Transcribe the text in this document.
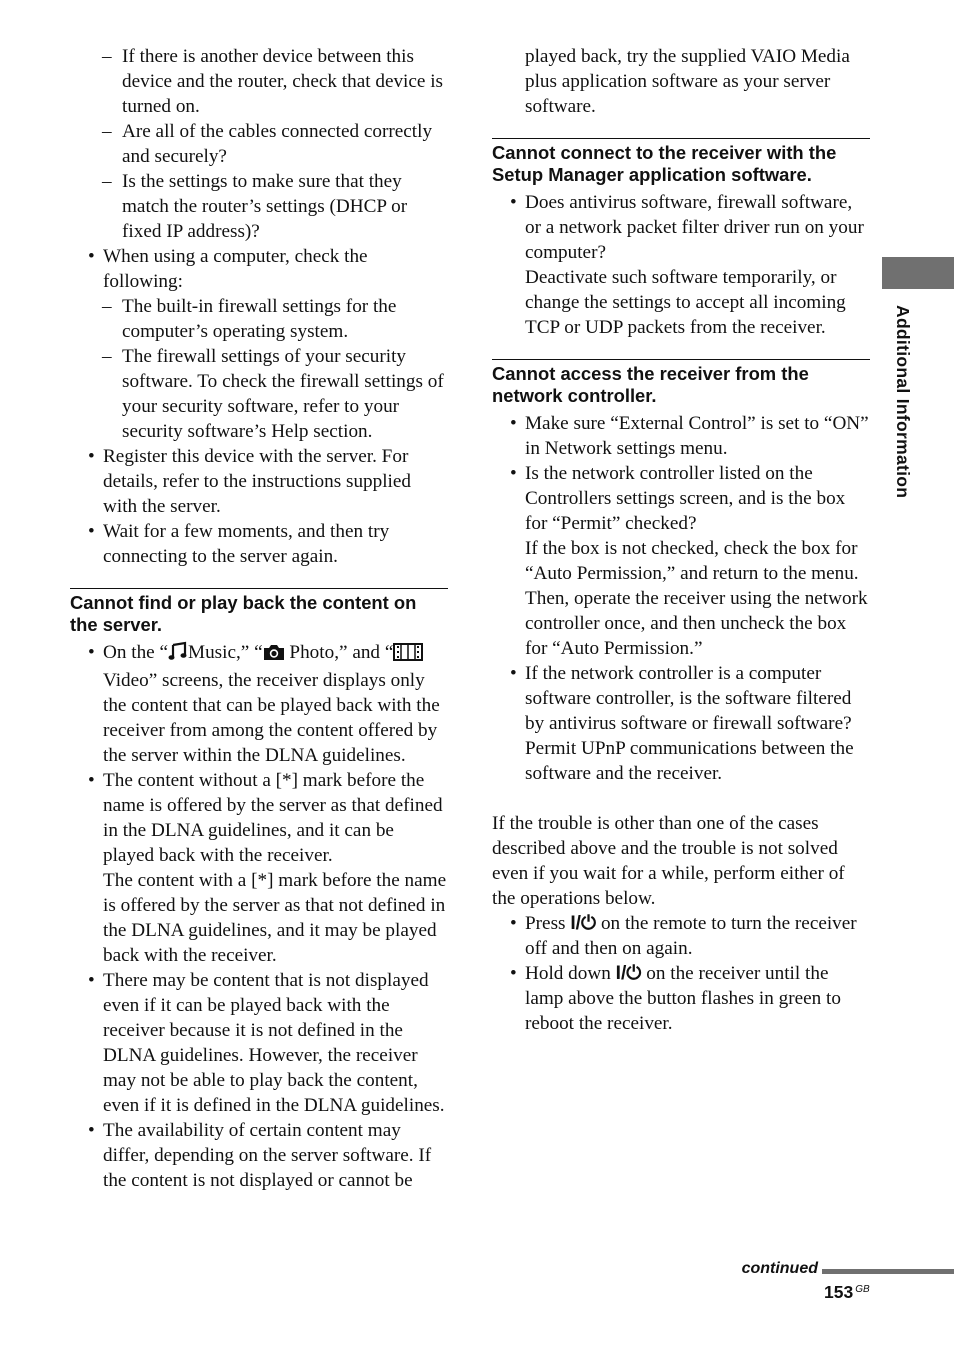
– If there is another device between this device and the router, check that device is turned on.
– Are all of the cables connected correctly and securely?
– Is the settings to make sure that they match the router’s settings (DHCP or fixed IP address)?
• When using a computer, check the following:
– The built-in firewall settings for the computer’s operating system.
– The firewall settings of your security software. To check the firewall settings of your security software, refer to your security software’s Help section.
• Register this device with the server. For details, refer to the instructions supplied with the server.
• Wait for a few moments, and then try connecting to the server again.
Cannot find or play back the content on the server.
• On the “ Music,” “ Photo,” and “ Video” screens, the receiver displays only the content that can be played back with the receiver from among the content offered by the server within the DLNA guidelines.
• The content without a [*] mark before the name is offered by the server as that defined in the DLNA guidelines, and it can be played back with the receiver.
The content with a [*] mark before the name is offered by the server as that not defined in the DLNA guidelines, and it may be played back with the receiver.
• There may be content that is not displayed even if it can be played back with the receiver because it is not defined in the DLNA guidelines. However, the receiver may not be able to play back the content, even if it is defined in the DLNA guidelines.
• The availability of certain content may differ, depending on the server software. If the content is not displayed or cannot be
played back, try the supplied VAIO Media plus application software as your server software.
Cannot connect to the receiver with the Setup Manager application software.
• Does antivirus software, firewall software, or a network packet filter driver run on your computer?
Deactivate such software temporarily, or change the settings to accept all incoming TCP or UDP packets from the receiver.
Cannot access the receiver from the network controller.
• Make sure “External Control” is set to “ON” in Network settings menu.
• Is the network controller listed on the Controllers settings screen, and is the box for “Permit” checked?
If the box is not checked, check the box for “Auto Permission,” and return to the menu. Then, operate the receiver using the network controller once, and then uncheck the box for “Auto Permission.”
• If the network controller is a computer software controller, is the software filtered by antivirus software or firewall software? Permit UPnP communications between the software and the receiver.
If the trouble is other than one of the cases described above and the trouble is not solved even if you wait for a while, perform either of the operations below.
• Press I/⏻ on the remote to turn the receiver off and then on again.
• Hold down I/⏻ on the receiver until the lamp above the button flashes in green to reboot the receiver.
Additional Information
continued
153 $^{GB}$
